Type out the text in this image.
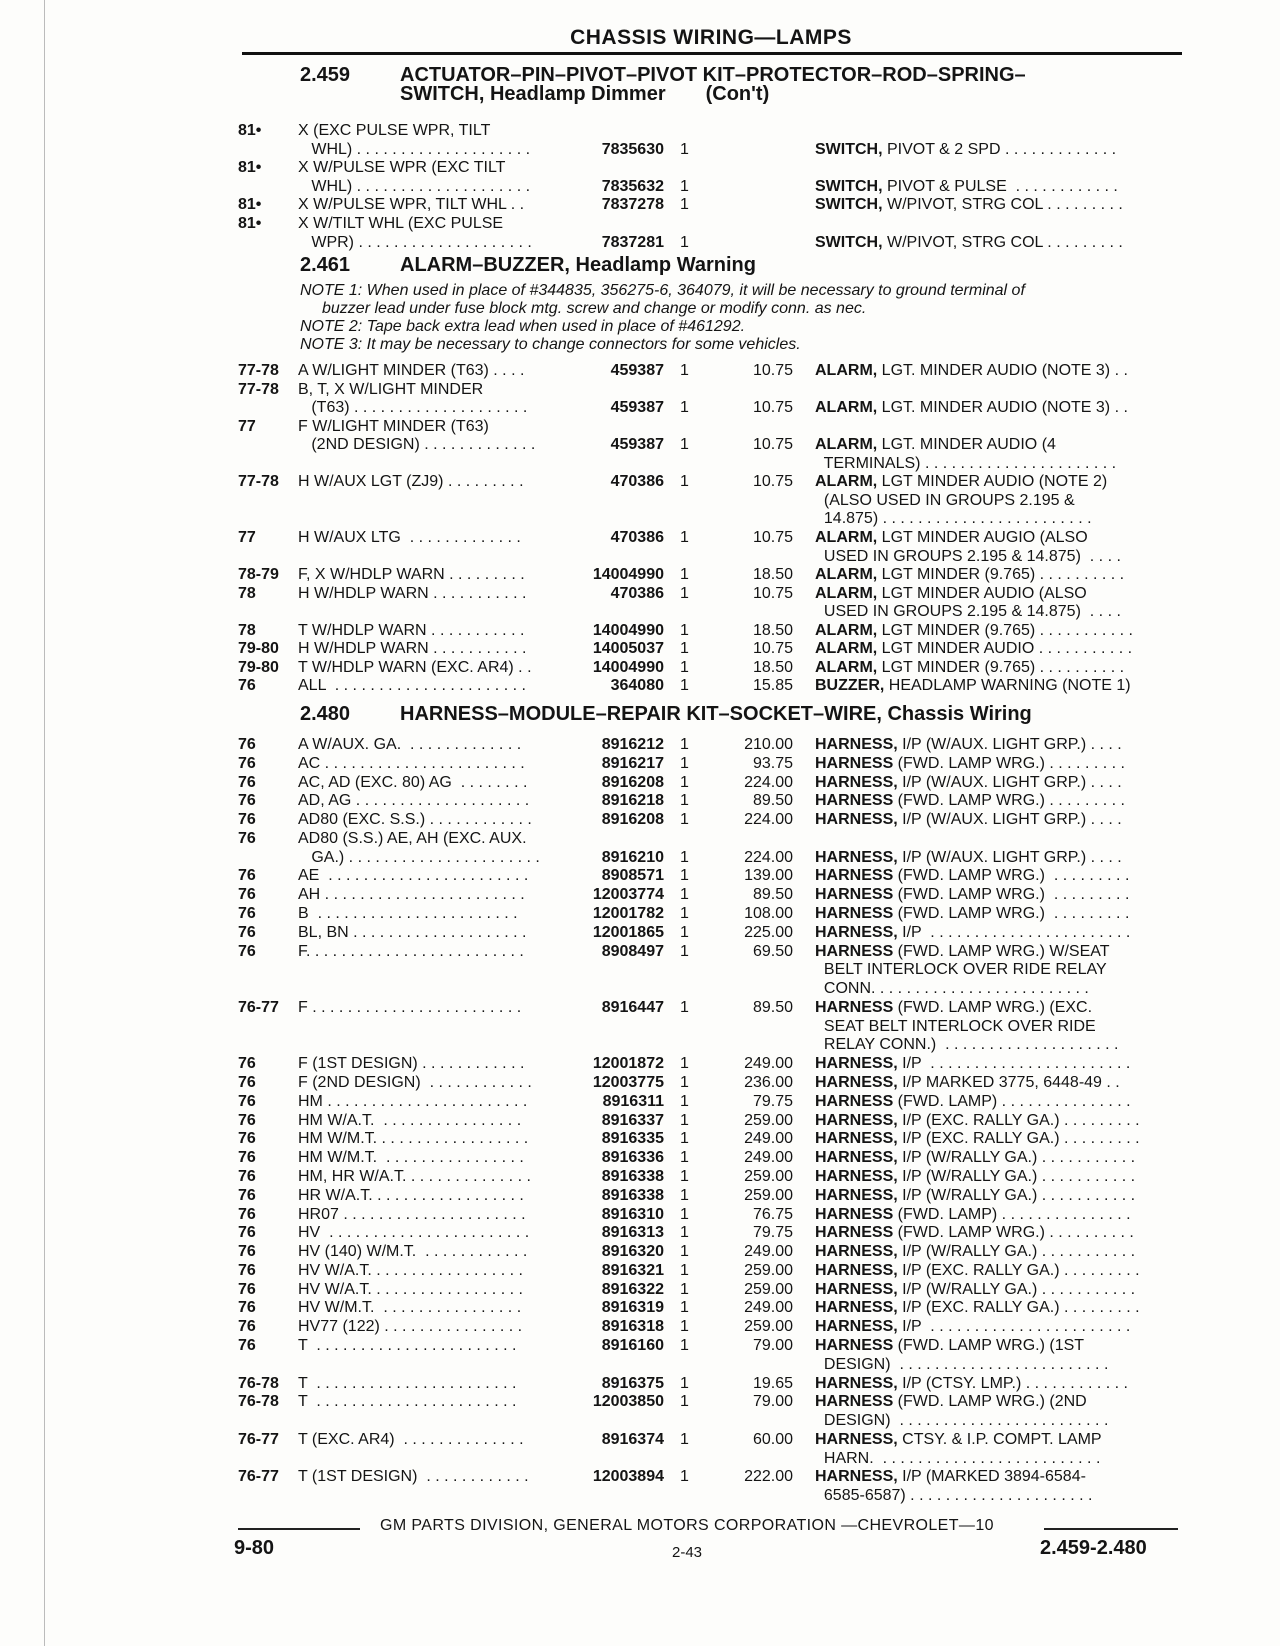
CHASSIS WIRING—LAMPS
2.459 ACTUATOR–PIN–PIVOT–PIVOT KIT–PROTECTOR–ROD–SPRING–
SWITCH, Headlamp Dimmer (Con't)
2.461 ALARM–BUZZER, Headlamp Warning

NOTE 1: When used in place of #344835, 356275-6, 364079, it will be necessary to ground terminal of

buzzer lead under fuse block mtg. screw and change or modify conn. as nec.

NOTE 2: Tape back extra lead when used in place of #461292.

NOTE 3: It may be necessary to change connectors for some vehicles.

2.480 HARNESS–MODULE–REPAIR KIT–SOCKET–WIRE, Chassis Wiring
81•	X (EXC PULSE WPR, TILT
WHL) . . . . . . . . . . . . . . . . . . . .	7835630 1	SWITCH, PIVOT & 2 SPD . . . . . . . . . . . . .
81•	X W/PULSE WPR (EXC TILT
WHL) . . . . . . . . . . . . . . . . . . . .	7835632 1	SWITCH, PIVOT & PULSE  . . . . . . . . . . . .
81•	X W/PULSE WPR, TILT WHL . .	7837278 1	SWITCH, W/PIVOT, STRG COL . . . . . . . . .
81•	X W/TILT WHL (EXC PULSE
WPR) . . . . . . . . . . . . . . . . . . . .	7837281 1	SWITCH, W/PIVOT, STRG COL . . . . . . . . .
77-78	A W/LIGHT MINDER (T63) . . . .	459387 1	10.75 ALARM, LGT. MINDER AUDIO (NOTE 3) . .
77-78	B, T, X W/LIGHT MINDER
(T63) . . . . . . . . . . . . . . . . . . . .	459387 1	10.75 ALARM, LGT. MINDER AUDIO (NOTE 3) . .
77	F W/LIGHT MINDER (T63)
(2ND DESIGN) . . . . . . . . . . . . .	459387 1	10.75 ALARM, LGT. MINDER AUDIO (4
TERMINALS) . . . . . . . . . . . . . . . . . . . . . .
77-78	H W/AUX LGT (ZJ9) . . . . . . . . .	470386 1	10.75 ALARM, LGT MINDER AUDIO (NOTE 2)
(ALSO USED IN GROUPS 2.195 &
14.875) . . . . . . . . . . . . . . . . . . . . . . . .
77	H W/AUX LTG  . . . . . . . . . . . . .	470386 1	10.75 ALARM, LGT MINDER AUGIO (ALSO
USED IN GROUPS 2.195 & 14.875)  . . . .
78-79	F, X W/HDLP WARN . . . . . . . . .	14004990 1	18.50 ALARM, LGT MINDER (9.765) . . . . . . . . . .
78	H W/HDLP WARN . . . . . . . . . . .	470386 1	10.75 ALARM, LGT MINDER AUDIO (ALSO
USED IN GROUPS 2.195 & 14.875)  . . . .
78	T W/HDLP WARN . . . . . . . . . . .	14004990 1	18.50 ALARM, LGT MINDER (9.765) . . . . . . . . . . .
79-80	H W/HDLP WARN . . . . . . . . . . .	14005037 1	10.75 ALARM, LGT MINDER AUDIO . . . . . . . . . . .
79-80	T W/HDLP WARN (EXC. AR4) . .	14004990 1	18.50 ALARM, LGT MINDER (9.765) . . . . . . . . . .
76	ALL  . . . . . . . . . . . . . . . . . . . . . .	364080 1	15.85 BUZZER, HEADLAMP WARNING (NOTE 1)
76	A W/AUX. GA.  . . . . . . . . . . . . .	8916212 1	210.00 HARNESS, I/P (W/AUX. LIGHT GRP.) . . . .
76	AC . . . . . . . . . . . . . . . . . . . . . . .	8916217 1	93.75 HARNESS (FWD. LAMP WRG.) . . . . . . . . .
76	AC, AD (EXC. 80) AG  . . . . . . . .	8916208 1	224.00 HARNESS, I/P (W/AUX. LIGHT GRP.) . . . .
76	AD, AG . . . . . . . . . . . . . . . . . . . .	8916218 1	89.50 HARNESS (FWD. LAMP WRG.) . . . . . . . . .
76	AD80 (EXC. S.S.) . . . . . . . . . . . .	8916208 1	224.00 HARNESS, I/P (W/AUX. LIGHT GRP.) . . . .
76	AD80 (S.S.) AE, AH (EXC. AUX.
GA.) . . . . . . . . . . . . . . . . . . . . . .	8916210 1	224.00 HARNESS, I/P (W/AUX. LIGHT GRP.) . . . .
76	AE  . . . . . . . . . . . . . . . . . . . . . . .	8908571 1	139.00 HARNESS (FWD. LAMP WRG.)  . . . . . . . . .
76	AH . . . . . . . . . . . . . . . . . . . . . . .	12003774 1	89.50 HARNESS (FWD. LAMP WRG.)  . . . . . . . . .
76	B  . . . . . . . . . . . . . . . . . . . . . . .	12001782 1	108.00 HARNESS (FWD. LAMP WRG.)  . . . . . . . . .
76	BL, BN . . . . . . . . . . . . . . . . . . . .	12001865 1	225.00 HARNESS, I/P  . . . . . . . . . . . . . . . . . . . . . . .
76	F. . . . . . . . . . . . . . . . . . . . . . . . .	8908497 1	69.50 HARNESS (FWD. LAMP WRG.) W/SEAT
BELT INTERLOCK OVER RIDE RELAY
CONN. . . . . . . . . . . . . . . . . . . . . . . . .
76-77	F . . . . . . . . . . . . . . . . . . . . . . . .	8916447 1	89.50 HARNESS (FWD. LAMP WRG.) (EXC.
SEAT BELT INTERLOCK OVER RIDE
RELAY CONN.)  . . . . . . . . . . . . . . . . . . . .
76	F (1ST DESIGN) . . . . . . . . . . . .	12001872 1	249.00 HARNESS, I/P  . . . . . . . . . . . . . . . . . . . . . . .
76	F (2ND DESIGN)  . . . . . . . . . . . .	12003775 1	236.00 HARNESS, I/P MARKED 3775, 6448-49 . .
76	HM . . . . . . . . . . . . . . . . . . . . . . .	8916311 1	79.75 HARNESS (FWD. LAMP) . . . . . . . . . . . . . . .
76	HM W/A.T.  . . . . . . . . . . . . . . . .	8916337 1	259.00 HARNESS, I/P (EXC. RALLY GA.) . . . . . . . . .
76	HM W/M.T. . . . . . . . . . . . . . . . . .	8916335 1	249.00 HARNESS, I/P (EXC. RALLY GA.) . . . . . . . . .
76	HM W/M.T.  . . . . . . . . . . . . . . . .	8916336 1	249.00 HARNESS, I/P (W/RALLY GA.) . . . . . . . . . . .
76	HM, HR W/A.T. . . . . . . . . . . . . . .	8916338 1	259.00 HARNESS, I/P (W/RALLY GA.) . . . . . . . . . . .
76	HR W/A.T. . . . . . . . . . . . . . . . . .	8916338 1	259.00 HARNESS, I/P (W/RALLY GA.) . . . . . . . . . . .
76	HR07 . . . . . . . . . . . . . . . . . . . . .	8916310 1	76.75 HARNESS (FWD. LAMP) . . . . . . . . . . . . . . .
76	HV  . . . . . . . . . . . . . . . . . . . . . . .	8916313 1	79.75 HARNESS (FWD. LAMP WRG.) . . . . . . . . . .
76	HV (140) W/M.T.  . . . . . . . . . . . .	8916320 1	249.00 HARNESS, I/P (W/RALLY GA.) . . . . . . . . . . .
76	HV W/A.T. . . . . . . . . . . . . . . . . .	8916321 1	259.00 HARNESS, I/P (EXC. RALLY GA.) . . . . . . . . .
76	HV W/A.T. . . . . . . . . . . . . . . . . .	8916322 1	259.00 HARNESS, I/P (W/RALLY GA.) . . . . . . . . . . .
76	HV W/M.T.  . . . . . . . . . . . . . . . .	8916319 1	249.00 HARNESS, I/P (EXC. RALLY GA.) . . . . . . . . .
76	HV77 (122) . . . . . . . . . . . . . . . .	8916318 1	259.00 HARNESS, I/P  . . . . . . . . . . . . . . . . . . . . . . .
76	T  . . . . . . . . . . . . . . . . . . . . . . .	8916160 1	79.00 HARNESS (FWD. LAMP WRG.) (1ST
DESIGN)  . . . . . . . . . . . . . . . . . . . . . . . .
76-78	T  . . . . . . . . . . . . . . . . . . . . . . .	8916375 1	19.65 HARNESS, I/P (CTSY. LMP.) . . . . . . . . . . . .
76-78	T  . . . . . . . . . . . . . . . . . . . . . . .	12003850 1	79.00 HARNESS (FWD. LAMP WRG.) (2ND
DESIGN)  . . . . . . . . . . . . . . . . . . . . . . . .
76-77	T (EXC. AR4)  . . . . . . . . . . . . . .	8916374 1	60.00 HARNESS, CTSY. & I.P. COMPT. LAMP
HARN.  . . . . . . . . . . . . . . . . . . . . . . . . .
76-77	T (1ST DESIGN)  . . . . . . . . . . . .	12003894 1	222.00 HARNESS, I/P (MARKED 3894-6584-
6585-6587) . . . . . . . . . . . . . . . . . . . . .
GM PARTS DIVISION, GENERAL MOTORS CORPORATION —CHEVROLET—10
9-80	2-43	2.459-2.480
